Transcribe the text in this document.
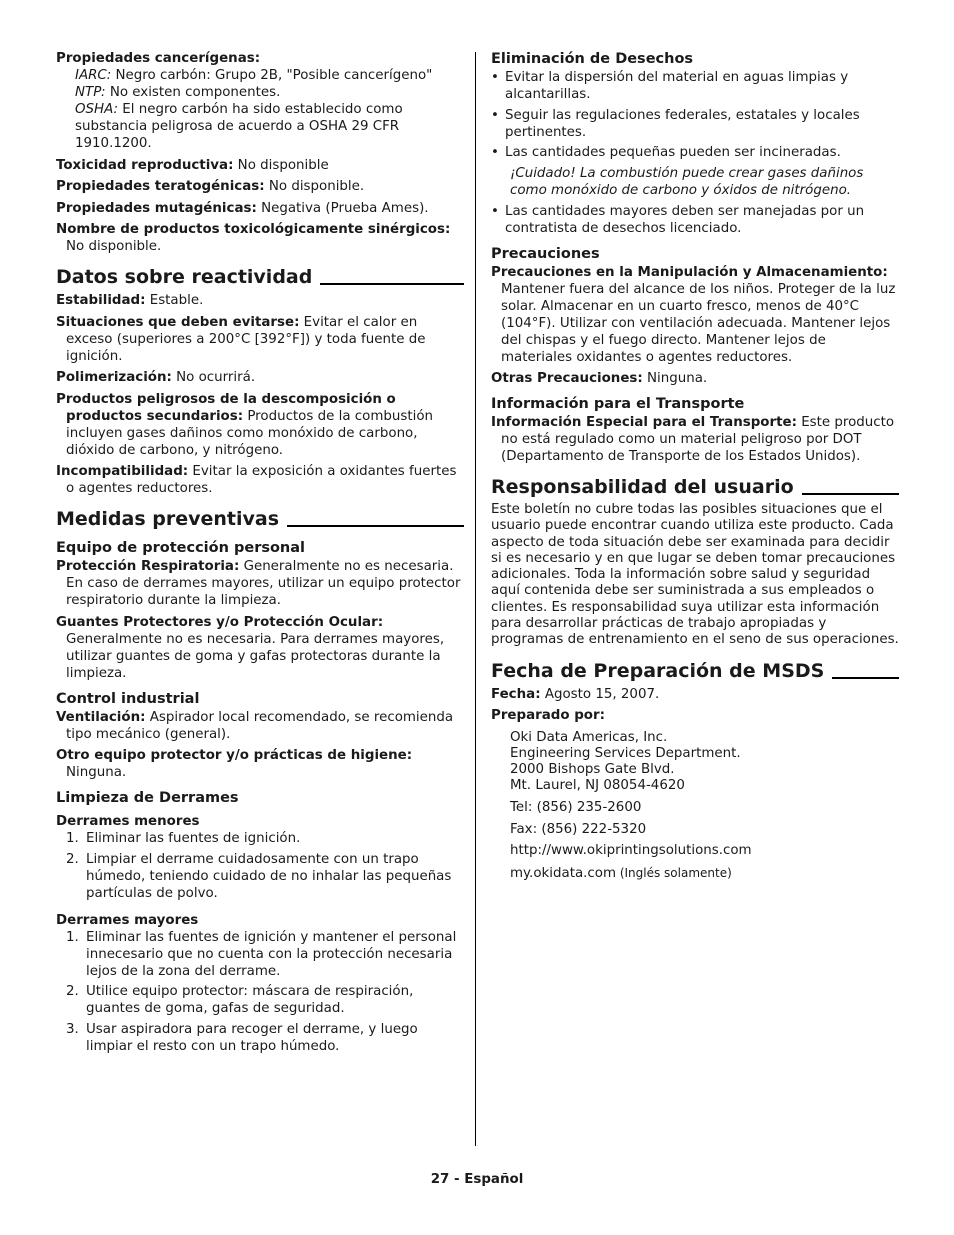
Propiedades cancerígenas:
IARC: Negro carbón: Grupo 2B, "Posible cancerígeno"
NTP: No existen componentes.
OSHA: El negro carbón ha sido establecido como substancia peligrosa de acuerdo a OSHA 29 CFR 1910.1200.
Toxicidad reproductiva: No disponible
Propiedades teratogénicas: No disponible.
Propiedades mutagénicas: Negativa (Prueba Ames).
Nombre de productos toxicológicamente sinérgicos: No disponible.
Datos sobre reactividad
Estabilidad: Estable.
Situaciones que deben evitarse: Evitar el calor en exceso (superiores a 200°C [392°F]) y toda fuente de ignición.
Polimerización: No ocurrirá.
Productos peligrosos de la descomposición o productos secundarios: Productos de la combustión incluyen gases dañinos como monóxido de carbono, dióxido de carbono, y nitrógeno.
Incompatibilidad: Evitar la exposición a oxidantes fuertes o agentes reductores.
Medidas preventivas
Equipo de protección personal
Protección Respiratoria: Generalmente no es necesaria. En caso de derrames mayores, utilizar un equipo protector respiratorio durante la limpieza.
Guantes Protectores y/o Protección Ocular:
Generalmente no es necesaria. Para derrames mayores, utilizar guantes de goma y gafas protectoras durante la limpieza.
Control industrial
Ventilación: Aspirador local recomendado, se recomienda tipo mecánico (general).
Otro equipo protector y/o prácticas de higiene:
Ninguna.
Limpieza de Derrames
Derrames menores
1. Eliminar las fuentes de ignición.
2. Limpiar el derrame cuidadosamente con un trapo húmedo, teniendo cuidado de no inhalar las pequeñas partículas de polvo.
Derrames mayores
1. Eliminar las fuentes de ignición y mantener el personal innecesario que no cuenta con la protección necesaria lejos de la zona del derrame.
2. Utilice equipo protector: máscara de respiración, guantes de goma, gafas de seguridad.
3. Usar aspiradora para recoger el derrame, y luego limpiar el resto con un trapo húmedo.
Eliminación de Desechos
• Evitar la dispersión del material en aguas limpias y alcantarillas.
• Seguir las regulaciones federales, estatales y locales pertinentes.
• Las cantidades pequeñas pueden ser incineradas.
¡Cuidado! La combustión puede crear gases dañinos como monóxido de carbono y óxidos de nitrógeno.
• Las cantidades mayores deben ser manejadas por un contratista de desechos licenciado.
Precauciones
Precauciones en la Manipulación y Almacenamiento: Mantener fuera del alcance de los niños. Proteger de la luz solar. Almacenar en un cuarto fresco, menos de 40°C (104°F). Utilizar con ventilación adecuada. Mantener lejos del chispas y el fuego directo. Mantener lejos de materiales oxidantes o agentes reductores.
Otras Precauciones: Ninguna.
Información para el Transporte
Información Especial para el Transporte: Este producto no está regulado como un material peligroso por DOT (Departamento de Transporte de los Estados Unidos).
Responsabilidad del usuario
Este boletín no cubre todas las posibles situaciones que el usuario puede encontrar cuando utiliza este producto. Cada aspecto de toda situación debe ser examinada para decidir si es necesario y en que lugar se deben tomar precauciones adicionales. Toda la información sobre salud y seguridad aquí contenida debe ser suministrada a sus empleados o clientes. Es responsabilidad suya utilizar esta información para desarrollar prácticas de trabajo apropiadas y programas de entrenamiento en el seno de sus operaciones.
Fecha de Preparación de MSDS
Fecha: Agosto 15, 2007.
Preparado por:
Oki Data Americas, Inc.
Engineering Services Department.
2000 Bishops Gate Blvd.
Mt. Laurel, NJ 08054-4620
Tel: (856) 235-2600
Fax: (856) 222-5320
http://www.okiprintingsolutions.com
my.okidata.com (Inglés solamente)
27 - Español
